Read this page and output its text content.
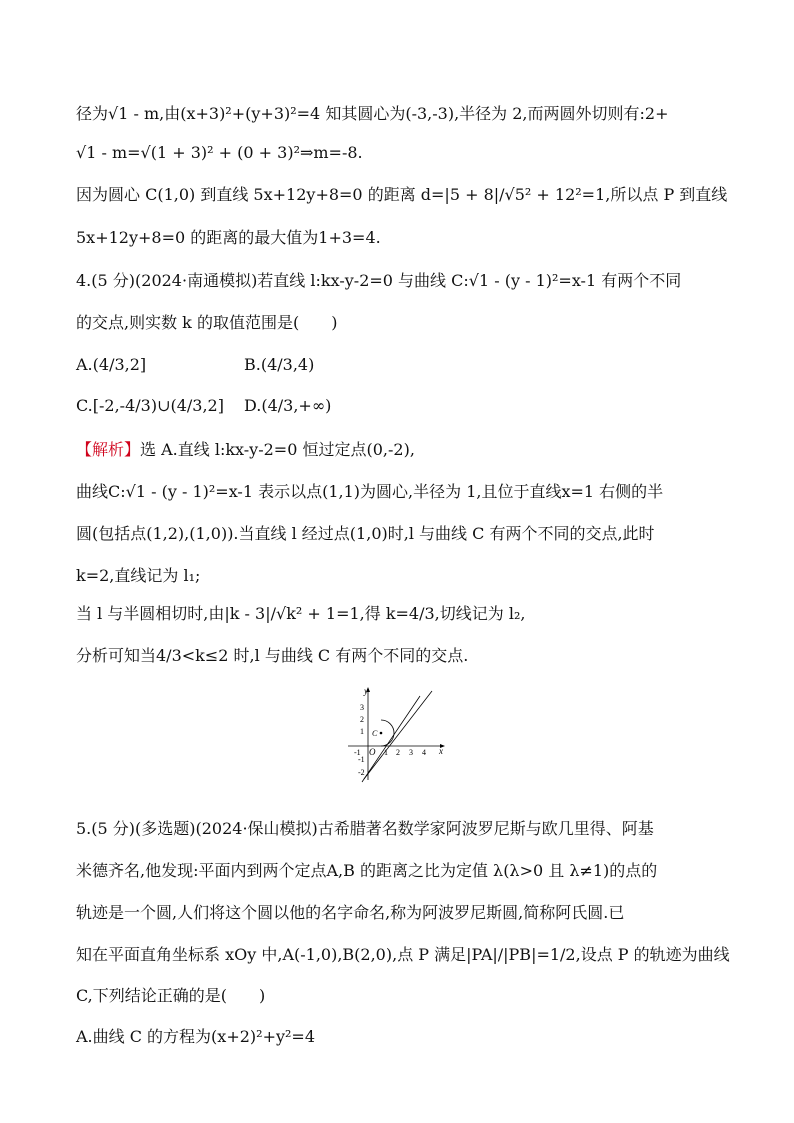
径为√1 - m,由(x+3)²+(y+3)²=4 知其圆心为(-3,-3),半径为 2,而两圆外切则有:2+
√1 - m=√(1 + 3)² + (0 + 3)²⇒m=-8.
因为圆心 C(1,0) 到直线 5x+12y+8=0 的距离 d=|5 + 8|/√5² + 12²=1,所以点 P 到直线
5x+12y+8=0 的距离的最大值为1+3=4.
4.(5 分)(2024·南通模拟)若直线 l:kx-y-2=0 与曲线 C:√1 - (y - 1)²=x-1 有两个不同
的交点,则实数 k 的取值范围是(　　)
A.(4/3,2]	B.(4/3,4)
C.[-2,-4/3)∪(4/3,2] D.(4/3,+∞)
【解析】选 A.直线 l:kx-y-2=0 恒过定点(0,-2),
曲线C:√1 - (y - 1)²=x-1 表示以点(1,1)为圆心,半径为 1,且位于直线x=1 右侧的半
圆(包括点(1,2),(1,0)).当直线 l 经过点(1,0)时,l 与曲线 C 有两个不同的交点,此时
k=2,直线记为 l₁;
当 l 与半圆相切时,由|k - 3|/√k² + 1=1,得 k=4/3,切线记为 l₂,
分析可知当4/3<k≤2 时,l 与曲线 C 有两个不同的交点.
y
x
O
-1	1 2 3 4
3
2
1
-1
-2
C
5.(5 分)(多选题)(2024·保山模拟)古希腊著名数学家阿波罗尼斯与欧几里得、阿基
米德齐名,他发现:平面内到两个定点A,B 的距离之比为定值 λ(λ>0 且 λ≠1)的点的
轨迹是一个圆,人们将这个圆以他的名字命名,称为阿波罗尼斯圆,简称阿氏圆.已
知在平面直角坐标系 xOy 中,A(-1,0),B(2,0),点 P 满足|PA|/|PB|=1/2,设点 P 的轨迹为曲线
C,下列结论正确的是(　　)
A.曲线 C 的方程为(x+2)²+y²=4
